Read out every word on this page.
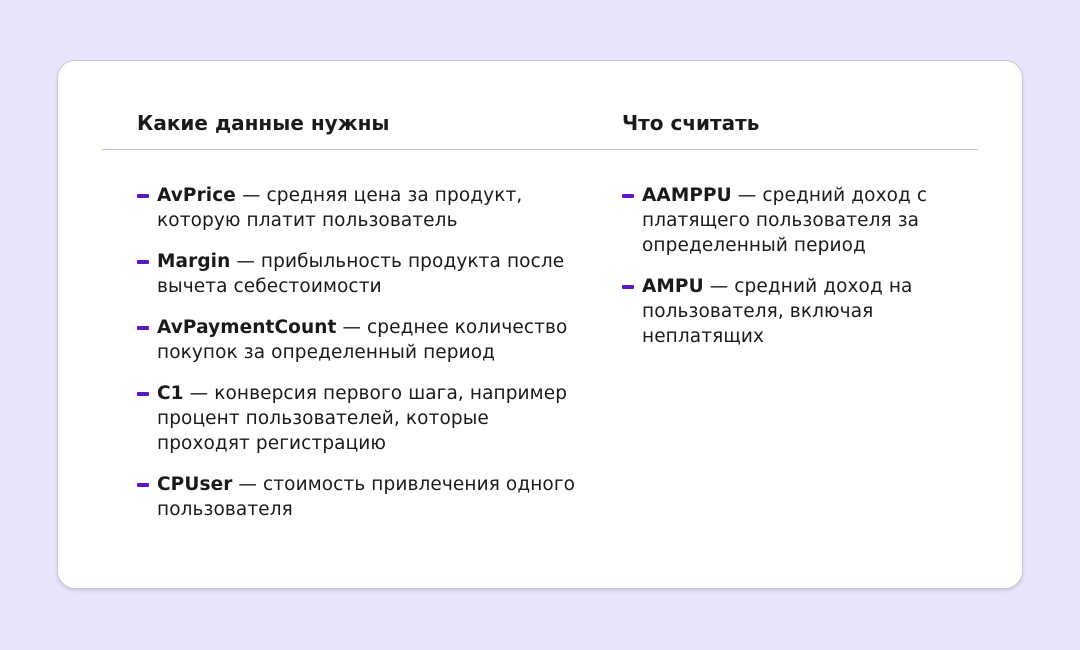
Какие данные нужны	Что считать
AvPrice — средняя цена за продукт, которую платит пользователь
Margin — прибыльность продукта после вычета себестоимости
AvPaymentCount — среднее количество покупок за определенный период
C1 — конверсия первого шага, например процент пользователей, которые проходят регистрацию
CPUser — стоимость привлечения одного пользователя
AAMPPU — средний доход с платящего пользователя за определенный период
AMPU — средний доход на пользователя, включая неплатящих
